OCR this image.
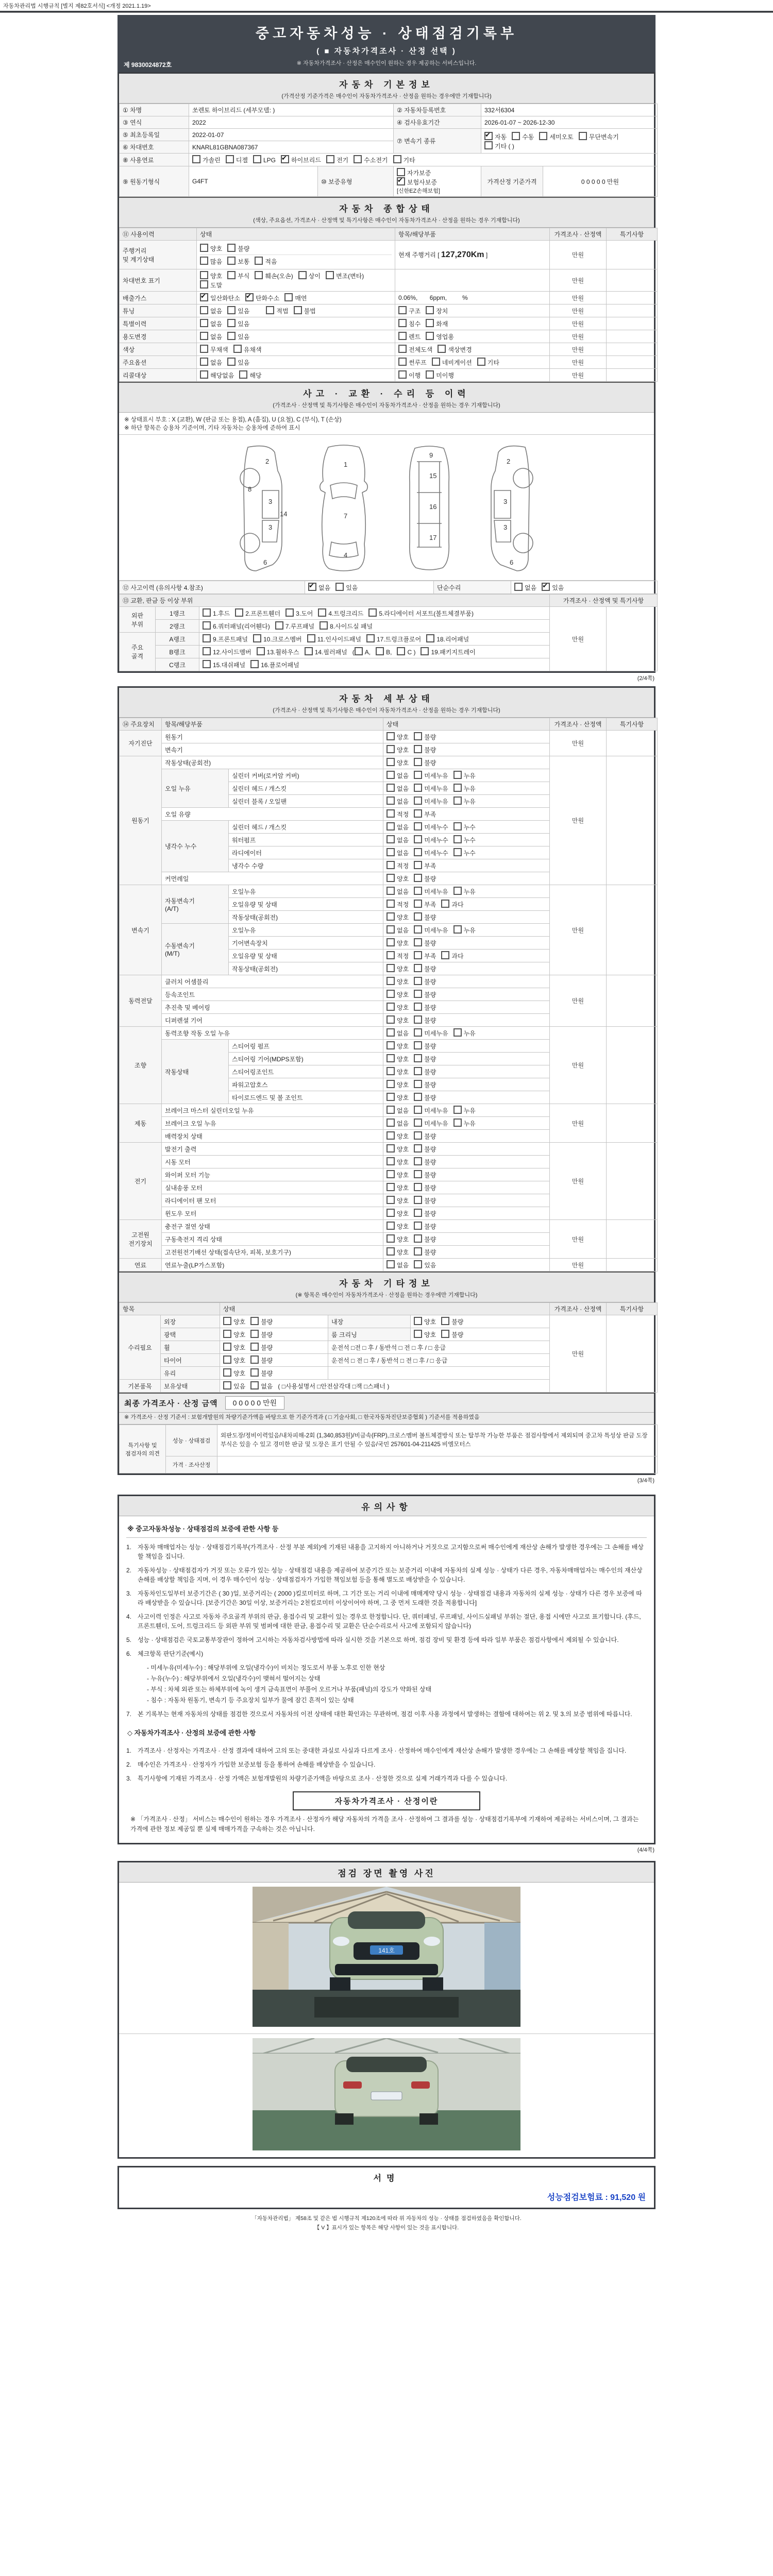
자동차관리법 시행규칙 [별지 제82호서식] <개정 2021.1.19>
중고자동차성능 · 상태점검기록부
( ■ 자동차가격조사 · 산정 선택 )
※ 자동차가격조사 · 산정은 매수인이 원하는 경우 제공하는 서비스입니다.
제 9830024872호
자동차 기본정보
(가격산정 기준가격은 매수인이 자동차가격조사 · 산정을 원하는 경우에만 기재합니다)
① 차명	쏘렌토 하이브리드 (세부모델: )		② 자동차등록번호	332서6304	
③ 연식	2022		④ 검사유효기간	2026-01-07 ~ 2026-12-30	
⑤ 최초등록일	2022-01-07		⑦ 변속기 종류	✔자동 수동 세미오토 무단변속기기타 ( )
⑥ 차대번호	KNARL81GBNA087367				
⑧ 사용연료	가솔린 디젤 LPG ✔ 하이브리드 전기 수소전기 기타
⑨ 원동기형식	G4FT	⑩ 보증유형	자가보증✔보험사보증[신한EZ손해보험]	가격산정 기준가격	0 0 0 0 0 만원
자동차 종합상태
(색상, 주요옵션, 가격조사 · 산정액 및 특기사항은 매수인이 자동차가격조사 · 산정을 원하는 경우 기재합니다)
⑪ 사용이력	상태	항목/해당부품	가격조사 · 산정액	특기사항
주행거리
및 계기상태	양호 불량
많음 보통 적음	현재 주행거리 [ 127,270Km ]	만원	
차대번호 표기	양호 부식 훼손(오손) 상이 변조(변타)도말		만원	
배출가스	✔일산화탄소 ✔ 탄화수소 매연	0.06%,       6ppm,         %	만원	
튜닝	없음 있음 적법 불법	구조 장치	만원	
특별이력	없음 있음	침수 화재	만원	
용도변경	없음 있음	렌트 영업용	만원	
색상	무채색 유채색	전체도색 색상변경	만원	
주요옵션	없음 있음	썬루프 네비게이션 기타	만원	
리콜대상	해당없음 해당	이행 미이행	만원	
사고 · 교환 · 수리 등 이력
(가격조사 · 산정액 및 특기사항은 매수인이 자동차가격조사 · 산정을 원하는 경우 기재합니다)
※ 상태표시 부호 : X (교환), W (판금 또는 용접), A (흠집), U (요철), C (부식), T (손상)
※ 하단 항목은 승용차 기준이며, 기타 자동차는 승용차에 준하여 표시
2
8
3
3
14
6
1
7
4
9
15
16
17
2
3
3
6
⑫ 사고이력 (유의사항 4.참조)	✔없음	있음	단순수리	없음 ✔	있음
⑬ 교환, 판금 등 이상 부위			가격조사 · 산정액 및 특기사항	
외판
부위	1랭크	1.후드 2.프론트휀더 3.도어 4.트렁크리드 5.라디에이터 서포트(볼트체결부품)	만원	
	2랭크	6.쿼터패널(리어휀다) 7.루프패널 8.사이드실 패널		
주요
골격	A랭크	9.프론트패널 10.크로스멤버 11.인사이드패널 17.트렁크플로어 18.리어패널		
	B랭크	12.사이드멤버 13.휠하우스 14.필러패널 ( A, B, C ) 19.패키지트레이		
	C랭크	15.대쉬패널 16.플로어패널		
(2/4쪽)
자동차 세부상태
(가격조사 · 산정액 및 특기사항은 매수인이 자동차가격조사 · 산정을 원하는 경우 기재합니다)
⑭ 주요장치	항목/해당부품		상태	가격조사 · 산정액	특기사항
자기진단	원동기		양호 불량	만원	
	변속기		양호 불량		
원동기	작동상태(공회전)		양호 불량	만원	
	오일 누유	실린더 커버(로커암 커버)	없음 미세누유 누유		
		실린더 헤드 / 개스킷	없음 미세누유 누유		
		실린더 블록 / 오일팬	없음 미세누유 누유		
	오일 유량		적정 부족		
	냉각수 누수	실린더 헤드 / 개스킷	없음 미세누수 누수		
		워터펌프	없음 미세누수 누수		
		라디에이터	없음 미세누수 누수		
		냉각수 수량	적정 부족		
	커먼레일		양호 불량		
변속기	자동변속기
(A/T)	오일누유	없음 미세누유 누유	만원	
		오일유량 및 상태	적정 부족 과다		
		작동상태(공회전)	양호 불량		
	수동변속기
(M/T)	오일누유	없음 미세누유 누유		
		기어변속장치	양호 불량		
		오일유량 및 상태	적정 부족 과다		
		작동상태(공회전)	양호 불량		
동력전달	클러치 어셈블리		양호 불량	만원	
	등속조인트		양호 불량		
	추진축 및 베어링		양호 불량		
	디퍼렌셜 기어		양호 불량		
조향	동력조향 작동 오일 누유		없음 미세누유 누유	만원	
	작동상태	스티어링 펌프	양호 불량		
		스티어링 기어(MDPS포함)	양호 불량		
		스티어링조인트	양호 불량		
		파워고압호스	양호 불량		
		타이로드엔드 및 볼 조인트	양호 불량		
제동	브레이크 마스터 실린더오일 누유		없음 미세누유 누유	만원	
	브레이크 오일 누유		없음 미세누유 누유		
	배력장치 상태		양호 불량		
전기	발전기 출력		양호 불량	만원	
	시동 모터		양호 불량		
	와이퍼 모터 기능		양호 불량		
	실내송풍 모터		양호 불량		
	라디에이터 팬 모터		양호 불량		
	윈도우 모터		양호 불량		
고전원
전기장치	충전구 절연 상태		양호 불량	만원	
	구동축전지 격리 상태		양호 불량		
	고전원전기배선 상태(접속단자, 피복, 보호기구)		양호 불량		
연료	연료누출(LP가스포함)		없음 있음	만원	
자동차 기타정보
(※ 항목은 매수인이 자동차가격조사 · 산정을 원하는 경우에만 기재합니다)
항목		상태			가격조사 · 산정액	특기사항
수리필요	외장	양호 불량	내장	양호 불량	만원	
	광택	양호 불량	룸 크리닝	양호 불량		
	휠	양호 불량	운전석 □전 □ 후 / 동반석 □ 전 □ 후 / □ 응급			
	타이어	양호 불량	운전석 □ 전 □ 후 / 동반석 □ 전 □ 후 / □ 응급			
	유리	양호 불량				
기본품목	보유상태	있음 없음 ( □사용설명서 □안전삼각대 □잭 □스패너 )				
최종 가격조사 · 산정 금액	0 0 0 0 0 만원
※ 가격조사 · 산정 기준서 : 보험개발원의 차량기준가액을 바탕으로 한 기준가격과 ( □ 기술사회, □ 한국자동차진단보증협회 ) 기준서를 적용하였음
특기사항 및 점검자의 의견	성능 · 상태점검	외판도장/정비이력있음/내차피해-2회 (1,340,853원)/비금속(FRP),크로스멤버 볼트체결방식 또는 탈부착 가능한 부품은 점검사항에서 제외되며 중고차 특성상 판금 도장 부식은 있을 수 있고 경미한 판금 및 도장은 표기 안될 수 있음/국민 257601-04-211425 비엠모터스
	가격 · 조사산정	
(3/4쪽)
유의사항
※ 중고자동차성능 · 상태점검의 보증에 관한 사항 등
1. 자동차 매매업자는 성능 · 상태점검기록부(가격조사 · 산정 부분 제외)에 기재된 내용을 고지하지 아니하거나 거짓으로 고지함으로써 매수인에게 재산상 손해가 발생한 경우에는 그 손해를 배상할 책임을 집니다.
2. 자동차성능 · 상태점검자가 거짓 또는 오류가 있는 성능 · 상태점검 내용을 제공하여 보증기간 또는 보증거리 이내에 자동차의 실제 성능 · 상태가 다른 경우, 자동차매매업자는 매수인의 재산상 손해를 배상할 책임을 지며, 이 경우 매수인이 성능 · 상태점검자가 가입한 책임보험 등을 통해 별도로 배상받을 수 있습니다.
3. 자동차인도일부터 보증기간은 ( 30 )일, 보증거리는 ( 2000 )킬로미터로 하며, 그 기간 또는 거리 이내에 매매계약 당시 성능 · 상태점검 내용과 자동차의 실제 성능 · 상태가 다른 경우 보증에 따라 배상받을 수 있습니다. [보증기간은 30일 이상, 보증거리는 2천킬로미터 이상이어야 하며, 그 중 먼저 도래한 것을 적용합니다]
4. 사고이력 인정은 사고로 자동차 주요골격 부위의 판금, 용접수리 및 교환이 있는 경우로 한정합니다. 단, 쿼터패널, 루프패널, 사이드실패널 부위는 절단, 용접 시에만 사고로 표기합니다. (후드, 프론트휀더, 도어, 트렁크리드 등 외판 부위 및 범퍼에 대한 판금, 용접수리 및 교환은 단순수리로서 사고에 포함되지 않습니다)
5. 성능 · 상태점검은 국토교통부장관이 정하여 고시하는 자동차검사방법에 따라 실시한 것을 기본으로 하며, 점검 장비 및 환경 등에 따라 일부 부품은 점검사항에서 제외될 수 있습니다.
6. 체크항목 판단기준(예시)
- 미세누유(미세누수) : 해당부위에 오일(냉각수)이 비치는 정도로서 부품 노후로 인한 현상
- 누유(누수) : 해당부위에서 오일(냉각수)이 맺혀서 떨어지는 상태
- 부식 : 차체 외관 또는 하체부위에 녹이 생겨 금속표면이 부풀어 오르거나 부품(패널)의 강도가 약화된 상태
- 침수 : 자동차 원동기, 변속기 등 주요장치 일부가 물에 잠긴 흔적이 있는 상태
7. 본 기록부는 현재 자동차의 상태를 점검한 것으로서 자동차의 이전 상태에 대한 확인과는 무관하며, 점검 이후 사용 과정에서 발생하는 결함에 대하여는 위 2. 및 3.의 보증 범위에 따릅니다.
◇ 자동차가격조사 · 산정의 보증에 관한 사항
1. 가격조사 · 산정자는 가격조사 · 산정 결과에 대하여 고의 또는 중대한 과실로 사실과 다르게 조사 · 산정하여 매수인에게 재산상 손해가 발생한 경우에는 그 손해를 배상할 책임을 집니다.
2. 매수인은 가격조사 · 산정자가 가입한 보증보험 등을 통하여 손해를 배상받을 수 있습니다.
3. 특기사항에 기재된 가격조사 · 산정 가액은 보험개발원의 차량기준가액을 바탕으로 조사 · 산정한 것으로 실제 거래가격과 다를 수 있습니다.
자동차가격조사 · 산정이란
※ 「가격조사 · 산정」 서비스는 매수인이 원하는 경우 가격조사 · 산정자가 해당 자동차의 가격을 조사 · 산정하여 그 결과를 성능 · 상태점검기록부에 기재하여 제공하는 서비스이며, 그 결과는 가격에 관한 정보 제공일 뿐 실제 매매가격을 구속하는 것은 아닙니다.
(4/4쪽)
점검 장면 촬영 사진
141호
서명
성능점검보험료 : 91,520 원
「자동차관리법」 제58조 및 같은 법 시행규칙 제120조에 따라 위 자동차의 성능 · 상태를 점검하였음을 확인합니다.
【 V 】표시가 있는 항목은 해당 사항이 있는 것을 표시합니다.
